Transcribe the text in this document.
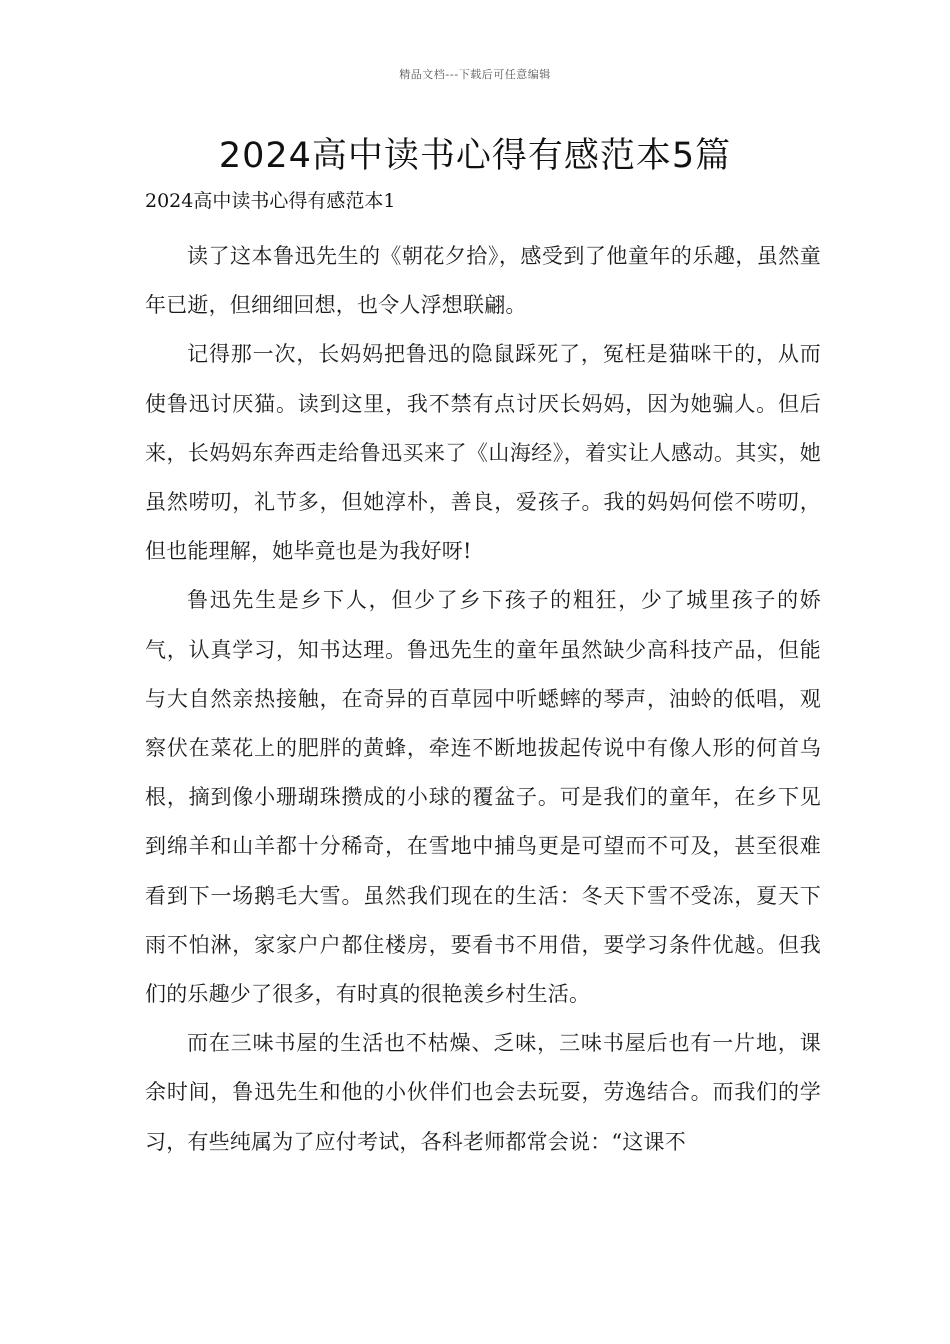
精品文档---下载后可任意编辑
2024高中读书心得有感范本5篇
2024高中读书心得有感范本1

读了这本鲁迅先生的《朝花夕拾》，感受到了他童年的乐趣，虽然童年已逝，但细细回想，也令人浮想联翩。

记得那一次，长妈妈把鲁迅的隐鼠踩死了，冤枉是猫咪干的，从而使鲁迅讨厌猫。读到这里，我不禁有点讨厌长妈妈，因为她骗人。但后来，长妈妈东奔西走给鲁迅买来了《山海经》，着实让人感动。其实，她虽然唠叨，礼节多，但她淳朴，善良，爱孩子。我的妈妈何偿不唠叨，但也能理解，她毕竟也是为我好呀!

鲁迅先生是乡下人，但少了乡下孩子的粗狂，少了城里孩子的娇气，认真学习，知书达理。鲁迅先生的童年虽然缺少高科技产品，但能与大自然亲热接触，在奇异的百草园中听蟋蟀的琴声，油蛉的低唱，观察伏在菜花上的肥胖的黄蜂，牵连不断地拔起传说中有像人形的何首乌根，摘到像小珊瑚珠攒成的小球的覆盆子。可是我们的童年，在乡下见到绵羊和山羊都十分稀奇，在雪地中捕鸟更是可望而不可及，甚至很难看到下一场鹅毛大雪。虽然我们现在的生活：冬天下雪不受冻，夏天下雨不怕淋，家家户户都住楼房，要看书不用借，要学习条件优越。但我们的乐趣少了很多，有时真的很艳羡乡村生活。

而在三味书屋的生活也不枯燥、乏味，三味书屋后也有一片地，课余时间，鲁迅先生和他的小伙伴们也会去玩耍，劳逸结合。而我们的学习，有些纯属为了应付考试，各科老师都常会说：“这课不
